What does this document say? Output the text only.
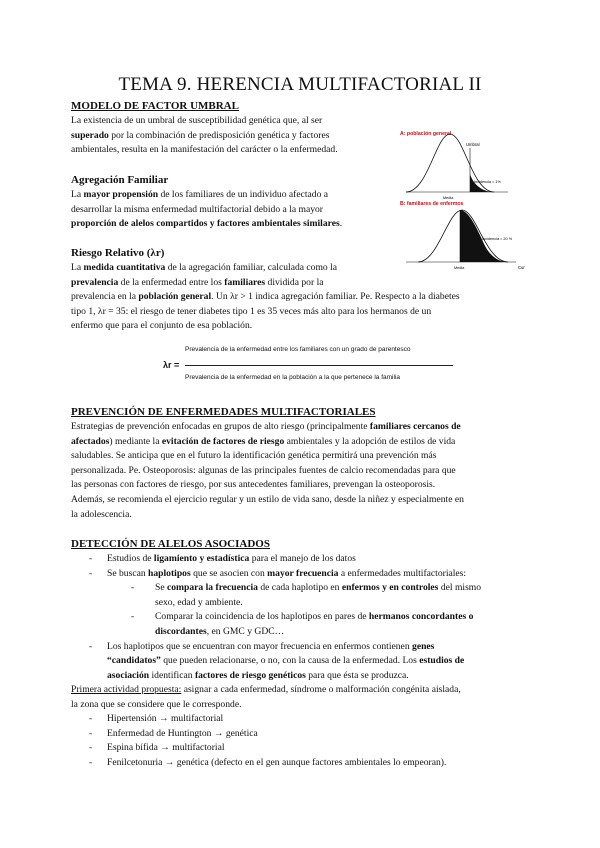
TEMA 9. HERENCIA MULTIFACTORIAL II
MODELO DE FACTOR UMBRAL
La existencia de un umbral de susceptibilidad genética que, al ser
superado por la combinación de predisposición genética y factores
ambientales, resulta en la manifestación del carácter o la enfermedad.
Agregación Familiar
La mayor propensión de los familiares de un individuo afectado a
desarrollar la misma enfermedad multifactorial debido a la mayor
proporción de alelos compartidos y factores ambientales similares.
Riesgo Relativo (λr)
La medida cuantitativa de la agregación familiar, calculada como la
prevalencia de la enfermedad entre los familiares dividida por la
prevalencia en la población general. Un λr > 1 indica agregación familiar. Pe. Respecto a la diabetes
tipo 1, λr = 35: el riesgo de tener diabetes tipo 1 es 35 veces más alto para los hermanos de un
enfermo que para el conjunto de esa población.
λr =
Prevalencia de la enfermedad entre los familiares con un grado de parentesco
Prevalencia de la enfermedad en la población a la que pertenece la familia
A: población general
Umbral
Incidencia = 1%
Media
B: familiares de enfermos
Incidencia = 20 %
Media	Cur
PREVENCIÓN DE ENFERMEDADES MULTIFACTORIALES
Estrategias de prevención enfocadas en grupos de alto riesgo (principalmente familiares cercanos de
afectados) mediante la evitación de factores de riesgo ambientales y la adopción de estilos de vida
saludables. Se anticipa que en el futuro la identificación genética permitirá una prevención más
personalizada. Pe. Osteoporosis: algunas de las principales fuentes de calcio recomendadas para que
las personas con factores de riesgo, por sus antecedentes familiares, prevengan la osteoporosis.
Además, se recomienda el ejercicio regular y un estilo de vida sano, desde la niñez y especialmente en
la adolescencia.
DETECCIÓN DE ALELOS ASOCIADOS
- Estudios de ligamiento y estadística para el manejo de los datos
- Se buscan haplotipos que se asocien con mayor frecuencia a enfermedades multifactoriales:
- Se compara la frecuencia de cada haplotipo en enfermos y en controles del mismo
sexo, edad y ambiente.
- Comparar la coincidencia de los haplotipos en pares de hermanos concordantes o
discordantes, en GMC y GDC…
- Los haplotipos que se encuentran con mayor frecuencia en enfermos contienen genes
“candidatos” que pueden relacionarse, o no, con la causa de la enfermedad. Los estudios de
asociación identifican factores de riesgo genéticos para que ésta se produzca.
Primera actividad propuesta: asignar a cada enfermedad, síndrome o malformación congénita aislada,
la zona que se considere que le corresponde.
- Hipertensión → multifactorial
- Enfermedad de Huntington → genética
- Espina bífida → multifactorial
- Fenilcetonuria → genética (defecto en el gen aunque factores ambientales lo empeoran).
